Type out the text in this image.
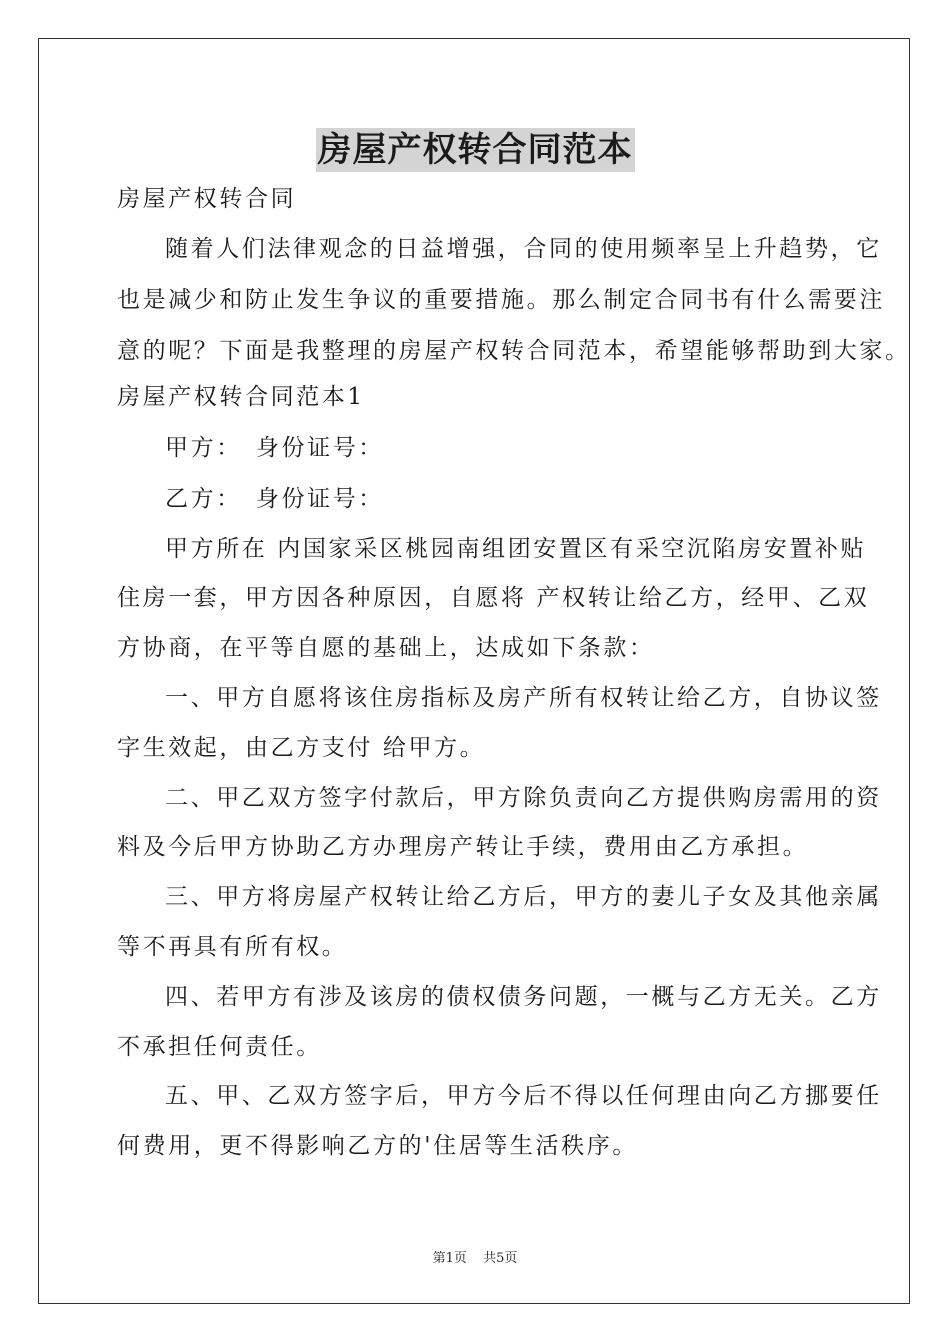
房屋产权转合同范本
房屋产权转合同
随着人们法律观念的日益增强，合同的使用频率呈上升趋势，它
也是减少和防止发生争议的重要措施。那么制定合同书有什么需要注
意的呢？下面是我整理的房屋产权转合同范本，希望能够帮助到大家。
房屋产权转合同范本1
甲方：　身份证号：
乙方：　身份证号：
甲方所在 内国家采区桃园南组团安置区有采空沉陷房安置补贴
住房一套，甲方因各种原因，自愿将 产权转让给乙方，经甲、乙双
方协商，在平等自愿的基础上，达成如下条款：
一、甲方自愿将该住房指标及房产所有权转让给乙方，自协议签
字生效起，由乙方支付 给甲方。
二、甲乙双方签字付款后，甲方除负责向乙方提供购房需用的资
料及今后甲方协助乙方办理房产转让手续，费用由乙方承担。
三、甲方将房屋产权转让给乙方后，甲方的妻儿子女及其他亲属
等不再具有所有权。
四、若甲方有涉及该房的债权债务问题，一概与乙方无关。乙方
不承担任何责任。
五、甲、乙双方签字后，甲方今后不得以任何理由向乙方挪要任
何费用，更不得影响乙方的'住居等生活秩序。
第1页 共5页
